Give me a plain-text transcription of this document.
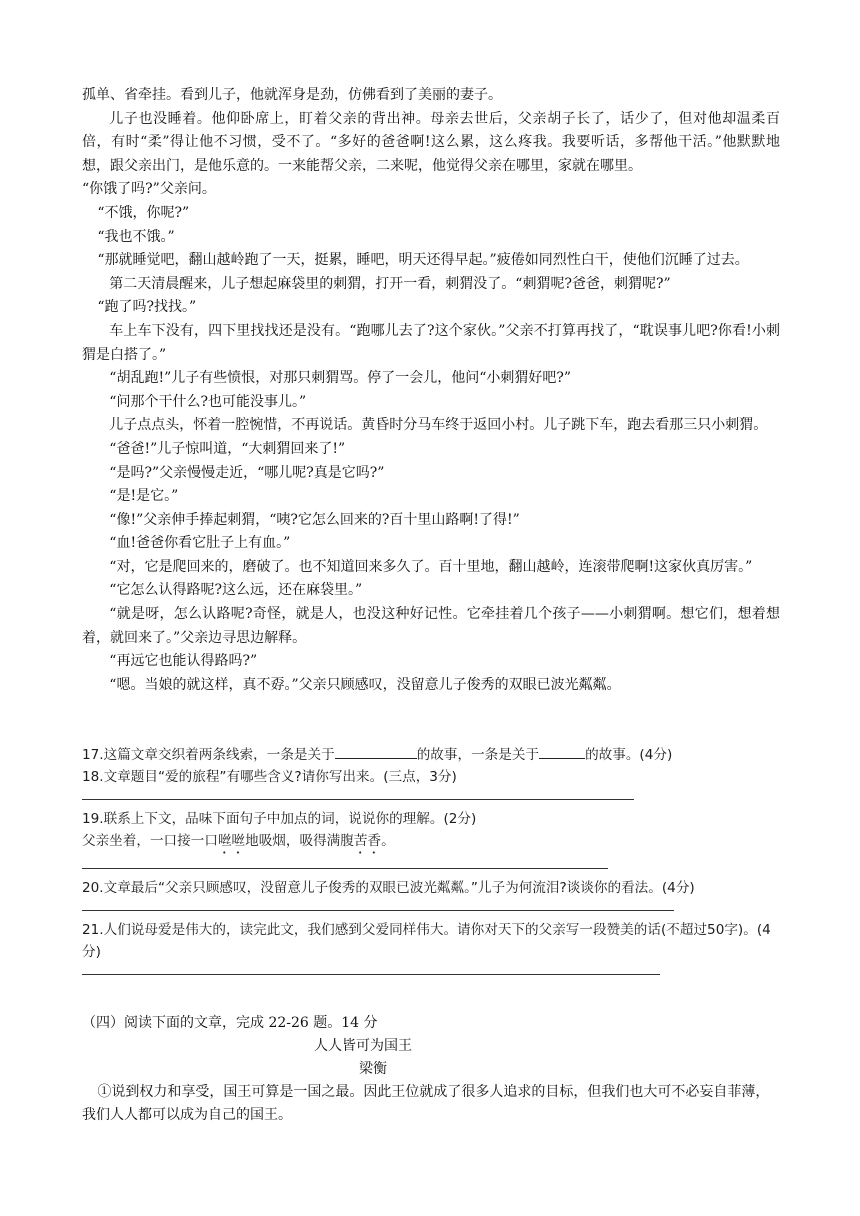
孤单、省牵挂。看到儿子，他就浑身是劲，仿佛看到了美丽的妻子。

儿子也没睡着。他仰卧席上，盯着父亲的背出神。母亲去世后，父亲胡子长了，话少了，但对他却温柔百倍，有时“柔”得让他不习惯，受不了。“多好的爸爸啊!这么累，这么疼我。我要听话，多帮他干活。”他默默地想，跟父亲出门，是他乐意的。一来能帮父亲，二来呢，他觉得父亲在哪里，家就在哪里。

“你饿了吗?”父亲问。

“不饿，你呢?”

“我也不饿。”

“那就睡觉吧，翻山越岭跑了一天，挺累，睡吧，明天还得早起。”疲倦如同烈性白干，使他们沉睡了过去。

第二天清晨醒来，儿子想起麻袋里的刺猬，打开一看，刺猬没了。“刺猬呢?爸爸，刺猬呢?”

“跑了吗?找找。”

车上车下没有，四下里找找还是没有。“跑哪儿去了?这个家伙。”父亲不打算再找了，“耽误事儿吧?你看!小刺猬是白搭了。”

“胡乱跑!”儿子有些愤恨，对那只刺猬骂。停了一会儿，他问“小刺猬好吧?”

“问那个干什么?也可能没事儿。”

儿子点点头，怀着一腔惋惜，不再说话。黄昏时分马车终于返回小村。儿子跳下车，跑去看那三只小刺猬。

“爸爸!”儿子惊叫道，“大刺猬回来了!”

“是吗?”父亲慢慢走近，“哪儿呢?真是它吗?”

“是!是它。”

“像!”父亲伸手捧起刺猬，“咦?它怎么回来的?百十里山路啊!了得!”

“血!爸爸你看它肚子上有血。”

“对，它是爬回来的，磨破了。也不知道回来多久了。百十里地，翻山越岭，连滚带爬啊!这家伙真厉害。”

“它怎么认得路呢?这么远，还在麻袋里。”

“就是呀，怎么认路呢?奇怪，就是人，也没这种好记性。它牵挂着几个孩子——小刺猬啊。想它们，想着想着，就回来了。”父亲边寻思边解释。

“再远它也能认得路吗?”

“嗯。当娘的就这样，真不孬。”父亲只顾感叹，没留意儿子俊秀的双眼已波光粼粼。

17.这篇文章交织着两条线索，一条是关于	的故事，一条是关于	的故事。(4分)

18.文章题目“爱的旅程”有哪些含义?请你写出来。(三点，3分)

19.联系上下文，品味下面句子中加点的词，说说你的理解。(2分)

父亲坐着，一口接一口咝咝地吸烟，吸得满腹苦香。

20.文章最后“父亲只顾感叹，没留意儿子俊秀的双眼已波光粼粼。”儿子为何流泪?谈谈你的看法。(4分)

21.人们说母爱是伟大的，读完此文，我们感到父爱同样伟大。请你对天下的父亲写一段赞美的话(不超过50字)。(4分)

（四）阅读下面的文章，完成 22-26 题。14 分

人人皆可为国王

梁衡

①说到权力和享受，国王可算是一国之最。因此王位就成了很多人追求的目标，但我们也大可不必妄自菲薄，我们人人都可以成为自己的国王。
